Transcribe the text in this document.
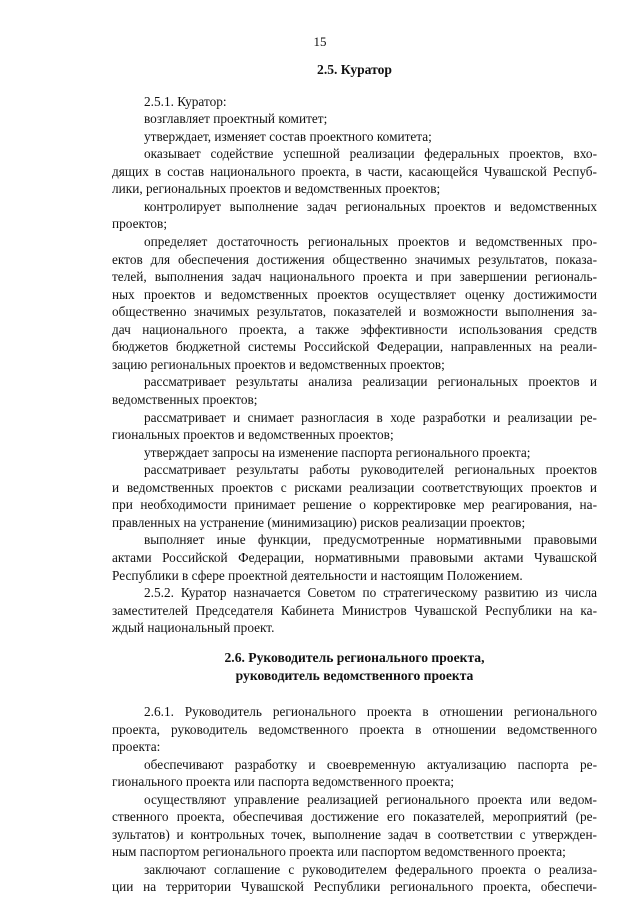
15
2.5. Куратор
2.5.1. Куратор:
возглавляет проектный комитет;
утверждает, изменяет состав проектного комитета;
оказывает содействие успешной реализации федеральных проектов, вхо-
дящих в состав национального проекта, в части, касающейся Чувашской Респуб-
лики, региональных проектов и ведомственных проектов;
контролирует выполнение задач региональных проектов и ведомственных
проектов;
определяет достаточность региональных проектов и ведомственных про-
ектов для обеспечения достижения общественно значимых результатов, показа-
телей, выполнения задач национального проекта и при завершении региональ-
ных проектов и ведомственных проектов осуществляет оценку достижимости
общественно значимых результатов, показателей и возможности выполнения за-
дач национального проекта, а также эффективности использования средств
бюджетов бюджетной системы Российской Федерации, направленных на реали-
зацию региональных проектов и ведомственных проектов;
рассматривает результаты анализа реализации региональных проектов и
ведомственных проектов;
рассматривает и снимает разногласия в ходе разработки и реализации ре-
гиональных проектов и ведомственных проектов;
утверждает запросы на изменение паспорта регионального проекта;
рассматривает результаты работы руководителей региональных проектов
и ведомственных проектов с рисками реализации соответствующих проектов и
при необходимости принимает решение о корректировке мер реагирования, на-
правленных на устранение (минимизацию) рисков реализации проектов;
выполняет иные функции, предусмотренные нормативными правовыми
актами Российской Федерации, нормативными правовыми актами Чувашской
Республики в сфере проектной деятельности и настоящим Положением.
2.5.2. Куратор назначается Советом по стратегическому развитию из числа
заместителей Председателя Кабинета Министров Чувашской Республики на ка-
ждый национальный проект.
2.6. Руководитель регионального проекта,
руководитель ведомственного проекта
2.6.1. Руководитель регионального проекта в отношении регионального
проекта, руководитель ведомственного проекта в отношении ведомственного
проекта:
обеспечивают разработку и своевременную актуализацию паспорта ре-
гионального проекта или паспорта ведомственного проекта;
осуществляют управление реализацией регионального проекта или ведом-
ственного проекта, обеспечивая достижение его показателей, мероприятий (ре-
зультатов) и контрольных точек, выполнение задач в соответствии с утвержден-
ным паспортом регионального проекта или паспортом ведомственного проекта;
заключают соглашение с руководителем федерального проекта о реализа-
ции на территории Чувашской Республики регионального проекта, обеспечи-
